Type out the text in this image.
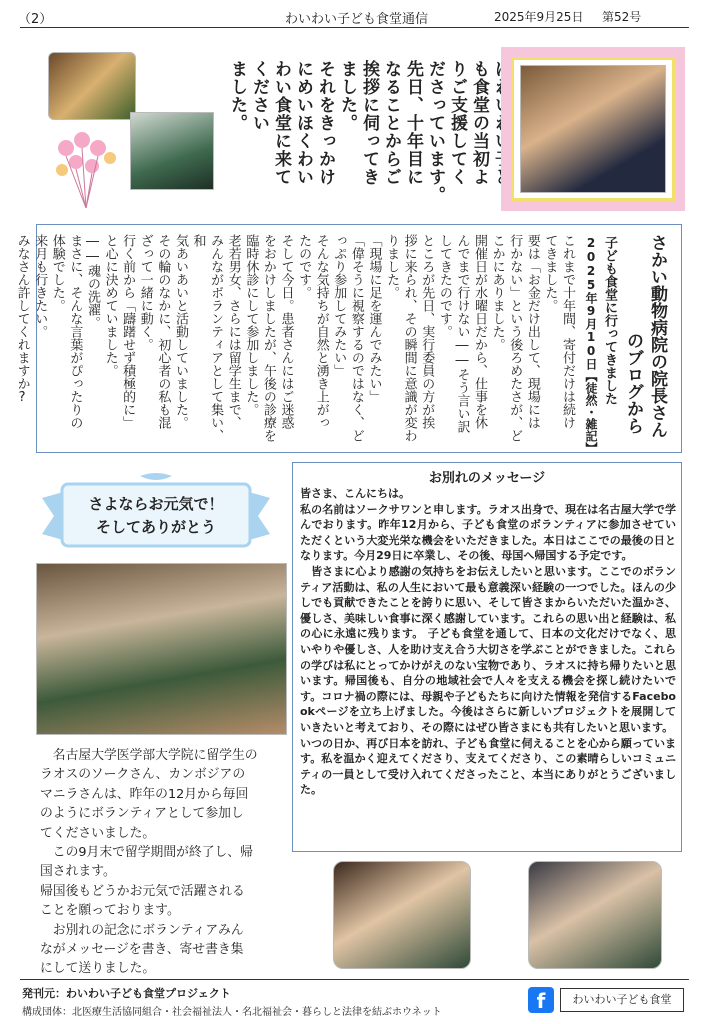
（2）	わいわい子ども食堂通信	2025年9月25日 第52号

も食堂の当初よ
りご支援してく
ださっています。
先日、十年目に
なることからご
挨拶に伺ってき
ました。
それをきっかけ
にめいほくわい
わい食堂に来て
ください ました。
さかい動物病院の院長さん
のブログから
子ども食堂に行ってきました
2025年9月10日【徒然・雑記】
これまで十年間、寄付だけは続け
てきました。
要は「お金だけ出して、現場には
行かない」という後ろめたさが、ど
こかにありました。
開催日が水曜日だから、仕事を休
んでまで行けない――そう言い訳
してきたのです。
ところが先日、実行委員の方が挨
拶に来られ、その瞬間に意識が変わ
りました。
「現場に足を運んでみたい」
「偉そうに視察するのではなく、ど
っぷり参加してみたい」
そんな気持ちが自然と湧き上がっ
たのです。
そして今日。患者さんにはご迷惑
をおかけしましたが、午後の診療を
臨時休診にして参加しました。
老若男女、さらには留学生まで、
みんながボランティアとして集い、和
気あいあいと活動していました。
その輪のなかに、初心者の私も混
ざって一緒に動く。
行く前から「躊躇せず積極的に」
と心に決めていました。
――魂の洗濯。
まさに、そんな言葉がぴったりの
体験でした。
来月も行きたい。
みなさん許してくれますか?
さよならお元気で！
そしてありがとう
　名古屋大学医学部大学院に留学生の
ラオスのソークさん、カンボジアの
マニラさんは、昨年の12月から毎回
のようにボランティアとして参加し
てくださいました。
　この9月末で留学期間が終了し、帰
国されます。
帰国後もどうかお元気で活躍される
ことを願っております。
　お別れの記念にボランティアみん
ながメッセージを書き、寄せ書き集
にして送りました。
お別れのメッセージ
皆さま、こんにちは。
私の名前はソークサワンと申します。ラオス出身で、現在は名古屋大学で学んでおります。昨年12月から、子ども食堂のボランティアに参加させていただくという大変光栄な機会をいただきました。本日はここでの最後の日となります。今月29日に卒業し、その後、母国へ帰国する予定です。
　皆さまに心より感謝の気持ちをお伝えしたいと思います。ここでのボランティア活動は、私の人生において最も意義深い経験の一つでした。ほんの少しでも貢献できたことを誇りに思い、そして皆さまからいただいた温かさ、優しさ、美味しい食事に深く感謝しています。これらの思い出と経験は、私の心に永遠に残ります。 子ども食堂を通して、日本の文化だけでなく、思いやりや優しさ、人を助け支え合う大切さを学ぶことができました。これらの学びは私にとってかけがえのない宝物であり、ラオスに持ち帰りたいと思います。帰国後も、自分の地域社会で人々を支える機会を探し続けたいです。コロナ禍の際には、母親や子どもたちに向けた情報を発信するFacebookページを立ち上げました。今後はさらに新しいプロジェクトを展開していきたいと考えており、その際にはぜひ皆さまにも共有したいと思います。
いつの日か、再び日本を訪れ、子ども食堂に伺えることを心から願っています。私を温かく迎えてくださり、支えてくださり、この素晴らしいコミュニティの一員として受け入れてくださったこと、本当にありがとうございました。
発刊元：わいわい子ども食堂プロジェクト
構成団体：北医療生活協同組合・社会福祉法人・名北福祉会・暮らしと法律を結ぶホウネット	f	わいわい子ども食堂
